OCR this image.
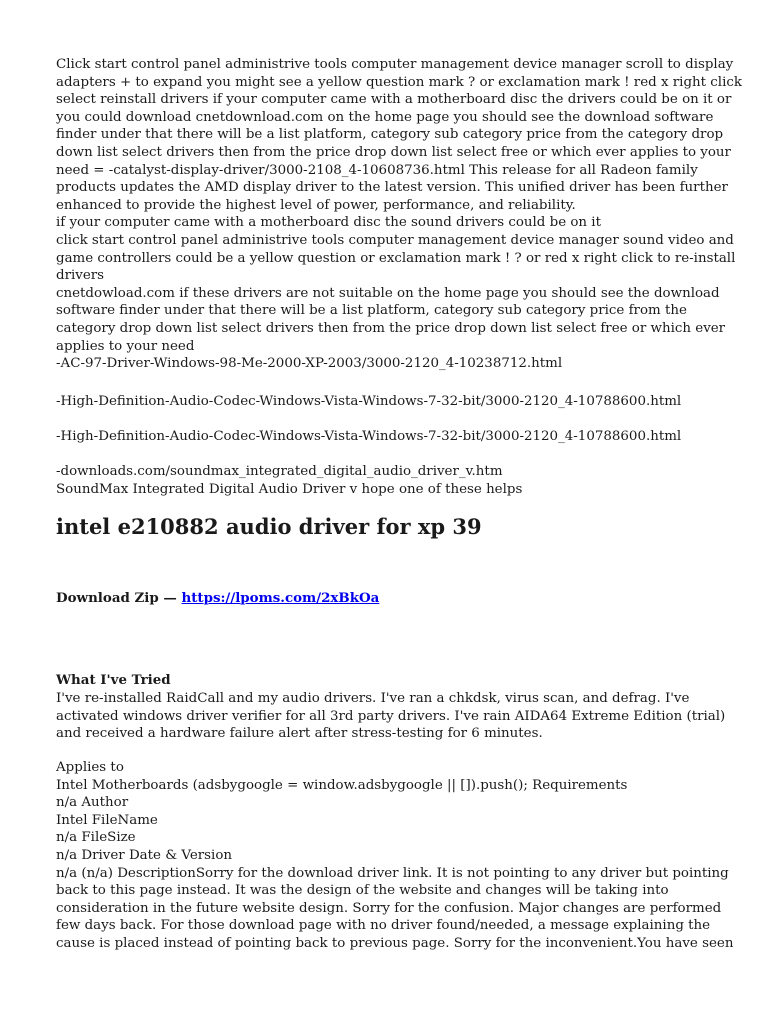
Click start control panel administrive tools computer management device manager scroll to display
adapters + to expand you might see a yellow question mark ? or exclamation mark ! red x right click
select reinstall drivers if your computer came with a motherboard disc the drivers could be on it or
you could download cnetdownload.com on the home page you should see the download software
finder under that there will be a list platform, category sub category price from the category drop
down list select drivers then from the price drop down list select free or which ever applies to your
need = -catalyst-display-driver/3000-2108_4-10608736.html This release for all Radeon family
products updates the AMD display driver to the latest version. This unified driver has been further
enhanced to provide the highest level of power, performance, and reliability.
if your computer came with a motherboard disc the sound drivers could be on it
click start control panel administrive tools computer management device manager sound video and
game controllers could be a yellow question or exclamation mark ! ? or red x right click to re-install
drivers
cnetdowload.com if these drivers are not suitable on the home page you should see the download
software finder under that there will be a list platform, category sub category price from the
category drop down list select drivers then from the price drop down list select free or which ever
applies to your need
-AC-97-Driver-Windows-98-Me-2000-XP-2003/3000-2120_4-10238712.html

-High-Definition-Audio-Codec-Windows-Vista-Windows-7-32-bit/3000-2120_4-10788600.html

-High-Definition-Audio-Codec-Windows-Vista-Windows-7-32-bit/3000-2120_4-10788600.html

-downloads.com/soundmax_integrated_digital_audio_driver_v.htm

SoundMax Integrated Digital Audio Driver v hope one of these helps

intel e210882 audio driver for xp 39

Download Zip — https://lpoms.com/2xBkOa

What I've Tried

I've re-installed RaidCall and my audio drivers. I've ran a chkdsk, virus scan, and defrag. I've
activated windows driver verifier for all 3rd party drivers. I've rain AIDA64 Extreme Edition (trial)
and received a hardware failure alert after stress-testing for 6 minutes.

Applies to
Intel Motherboards (adsbygoogle = window.adsbygoogle || []).push(); Requirements
n/a Author
Intel FileName
n/a FileSize
n/a Driver Date & Version
n/a (n/a) DescriptionSorry for the download driver link. It is not pointing to any driver but pointing
back to this page instead. It was the design of the website and changes will be taking into
consideration in the future website design. Sorry for the confusion. Major changes are performed
few days back. For those download page with no driver found/needed, a message explaining the
cause is placed instead of pointing back to previous page. Sorry for the inconvenient.You have seen
